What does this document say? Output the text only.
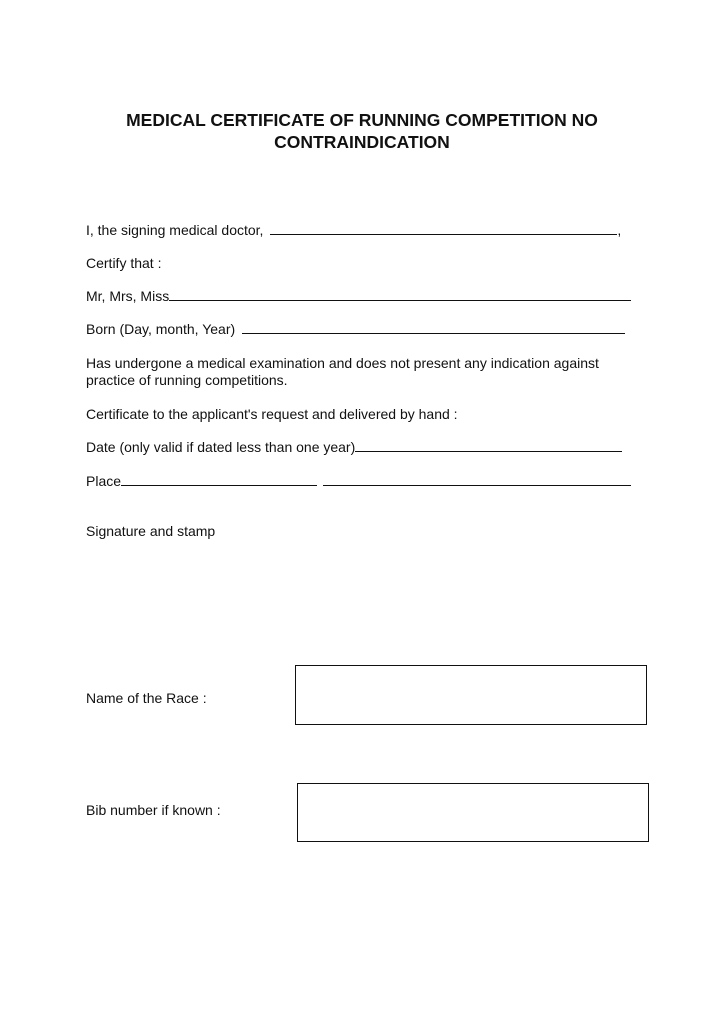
MEDICAL CERTIFICATE OF RUNNING COMPETITION NO
CONTRAINDICATION
I, the signing medical doctor,	,
Certify that :
Mr, Mrs, Miss
Born (Day, month, Year)
Has undergone a medical examination and does not present any indication against practice of running competitions.
Certificate to the applicant's request and delivered by hand :
Date (only valid if dated less than one year)
Place
Signature and stamp
Name of the Race :
Bib number if known :
